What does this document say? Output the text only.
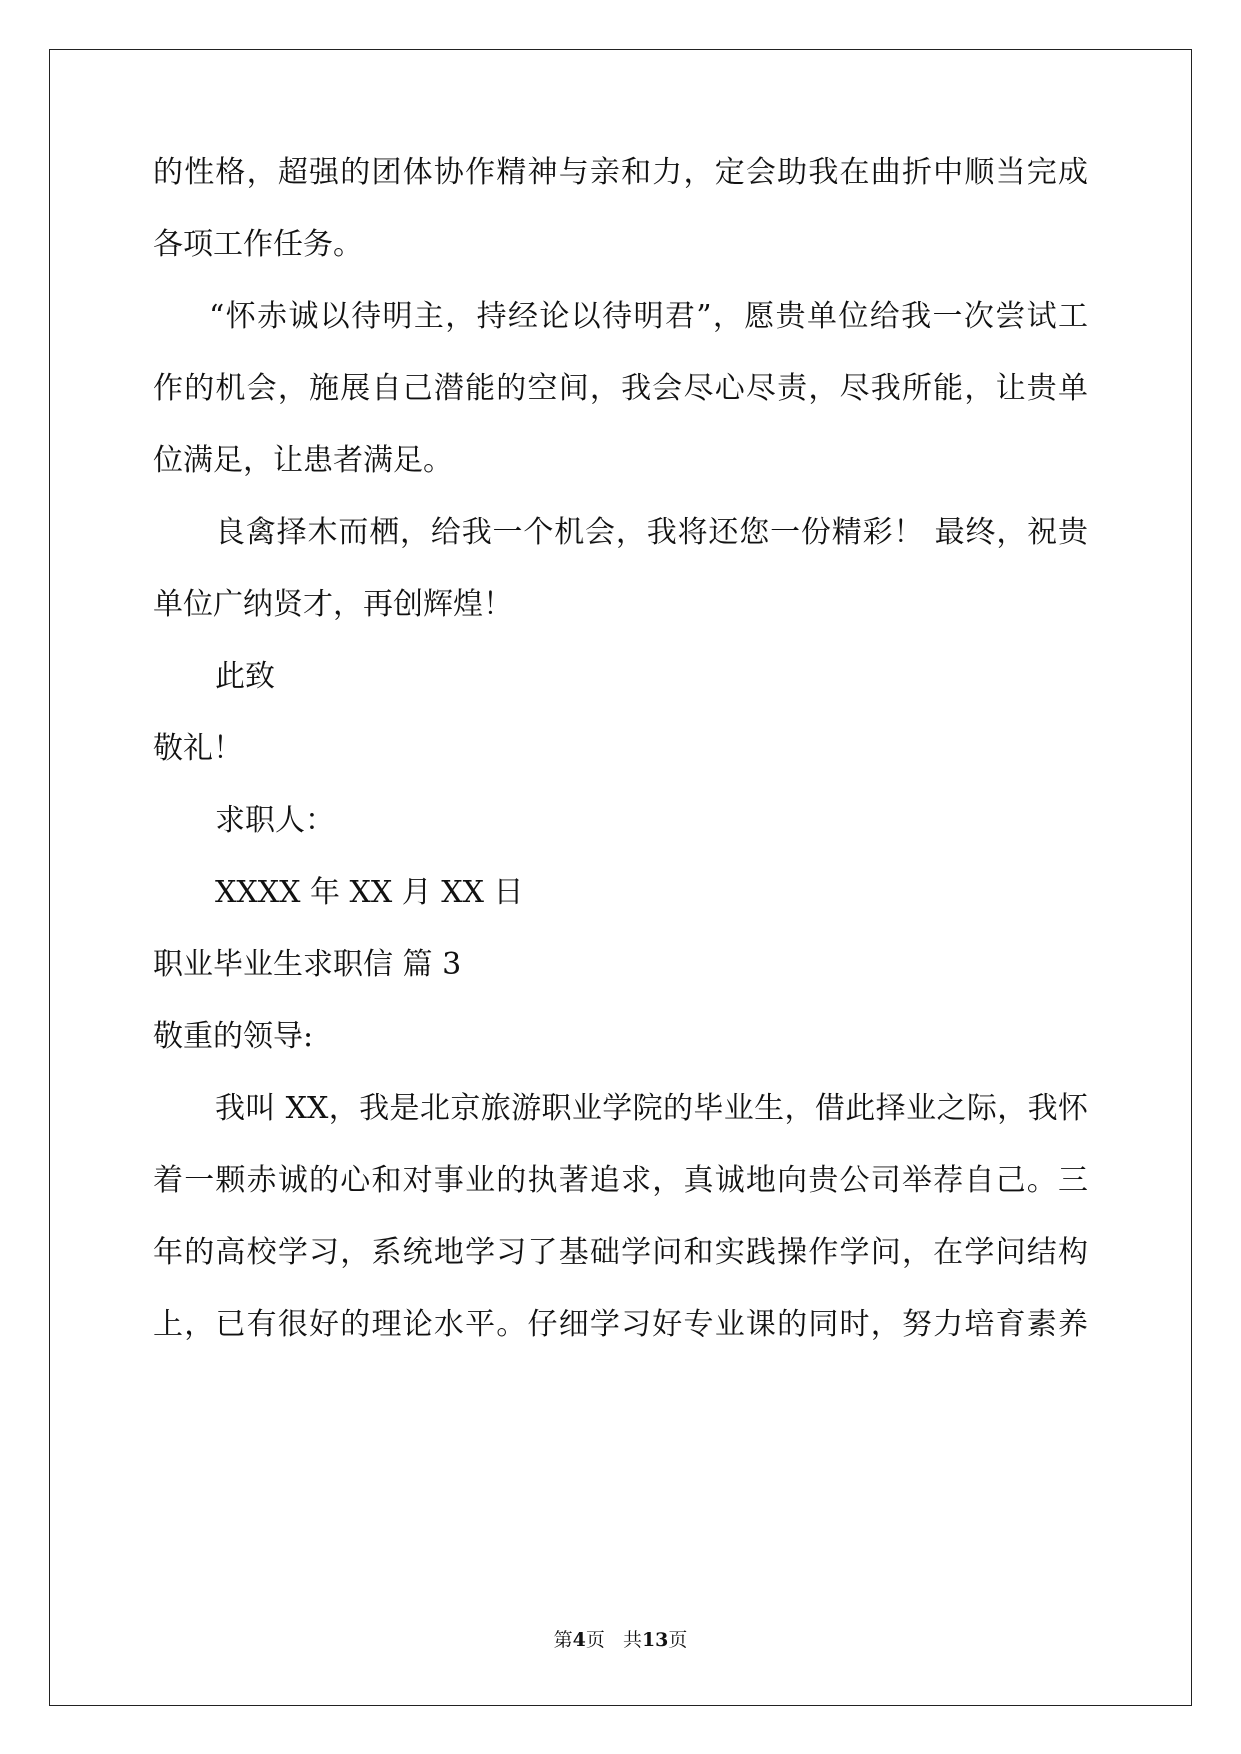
的性格，超强的团体协作精神与亲和力，定会助我在曲折中顺当完成

各项工作任务。

“怀赤诚以待明主，持经论以待明君”，愿贵单位给我一次尝试工

作的机会，施展自己潜能的空间，我会尽心尽责，尽我所能，让贵单

位满足，让患者满足。

良禽择木而栖，给我一个机会，我将还您一份精彩！ 最终，祝贵

单位广纳贤才，再创辉煌！

此致

敬礼！

求职人：

XXXX 年 XX 月 XX 日

职业毕业生求职信 篇 3

敬重的领导:

我叫 XX，我是北京旅游职业学院的毕业生，借此择业之际，我怀

着一颗赤诚的心和对事业的执著追求，真诚地向贵公司举荐自己。三

年的高校学习，系统地学习了基础学问和实践操作学问，在学问结构

上，已有很好的理论水平。仔细学习好专业课的同时，努力培育素养

第4页   共13页
